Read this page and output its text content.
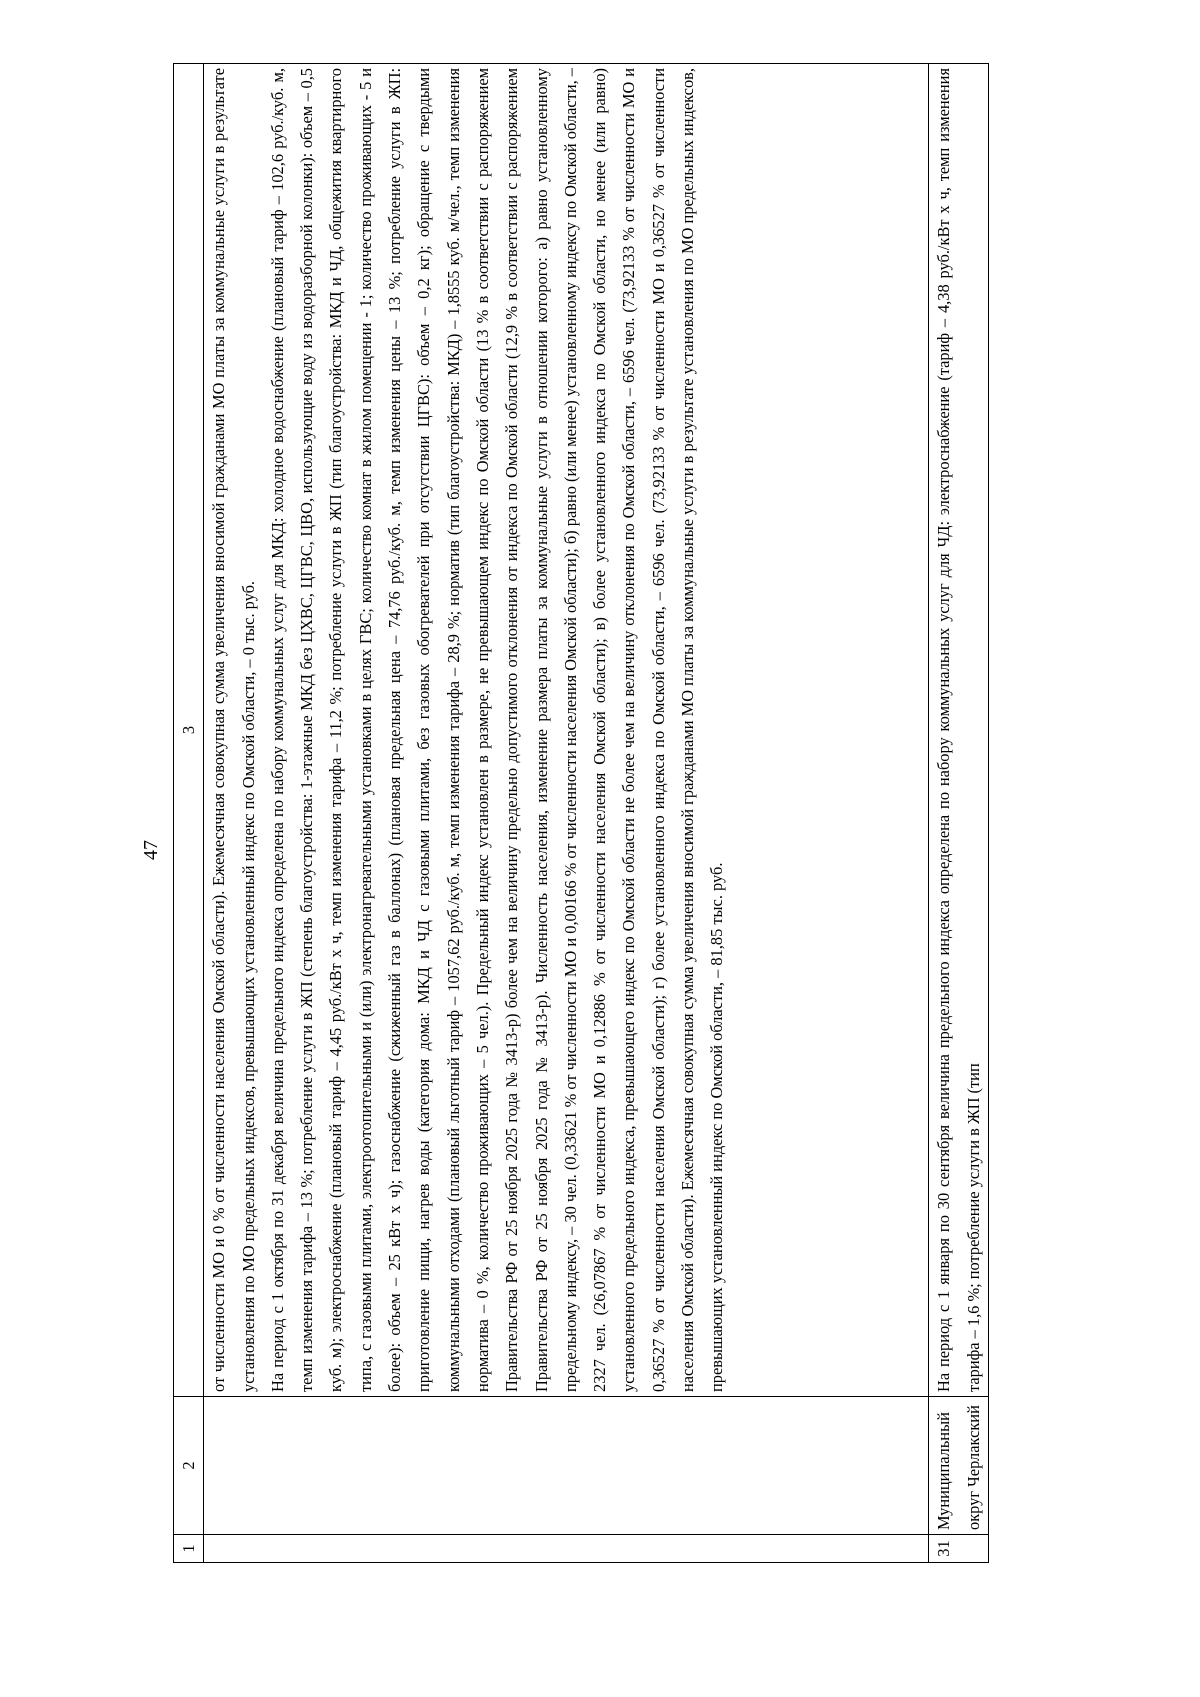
47
1	2	3

		от численности МО и 0 % от численности населения Омской области). Ежемесячная совокупная сумма увеличения вносимой гражданами МО платы за коммунальные услуги в результате установления по МО предельных индексов, превышающих установленный индекс по Омской области, – 0 тыс. руб. На период с 1 октября по 31 декабря величина предельного индекса определена по набору коммунальных услуг для МКД: холодное водоснабжение (плановый тариф – 102,6 руб./куб. м, темп изменения тарифа – 13 %; потребление услуги в ЖП (степень благоустройства: 1-этажные МКД без ЦХВС, ЦГВС, ЦВО, использующие воду из водоразборной колонки): объем – 0,5 куб. м); электроснабжение (плановый тариф – 4,45 руб./кВт х ч, темп изменения тарифа – 11,2 %; потребление услуги в ЖП (тип благоустройства: МКД и ЧД, общежития квартирного типа, с газовыми плитами, электроотопительными и (или) электронагревательными установками в целях ГВС; количество комнат в жилом помещении - 1; количество проживающих - 5 и более): объем – 25 кВт х ч); газоснабжение (сжиженный газ в баллонах) (плановая предельная цена – 74,76 руб./куб. м, темп изменения цены – 13 %; потребление услуги в ЖП: приготовление пищи, нагрев воды (категория дома: МКД и ЧД с газовыми плитами, без газовых обогревателей при отсутствии ЦГВС): объем – 0,2 кг); обращение с твердыми коммунальными отходами (плановый льготный тариф – 1057,62 руб./куб. м, темп изменения тарифа – 28,9 %; норматив (тип благоустройства: МКД) – 1,8555 куб. м/чел., темп изменения норматива – 0 %, количество проживающих – 5 чел.). Предельный индекс установлен в размере, не превышающем индекс по Омской области (13 % в соответствии с распоряжением Правительства РФ от 25 ноября 2025 года № 3413-р) более чем на величину предельно допустимого отклонения от индекса по Омской области (12,9 % в соответствии с распоряжением Правительства РФ от 25 ноября 2025 года № 3413-р). Численность населения, изменение размера платы за коммунальные услуги в отношении которого: а) равно установленному предельному индексу, – 30 чел. (0,33621 % от численности МО и 0,00166 % от численности населения Омской области); б) равно (или менее) установленному индексу по Омской области, – 2327 чел. (26,07867 % от численности МО и 0,12886 % от численности населения Омской области); в) более установленного индекса по Омской области, но менее (или равно) установленного предельного индекса, превышающего индекс по Омской области не более чем на величину отклонения по Омской области, – 6596 чел. (73,92133 % от численности МО и 0,36527 % от численности населения Омской области); г) более установленного индекса по Омской области, – 6596 чел. (73,92133 % от численности МО и 0,36527 % от численности населения Омской области). Ежемесячная совокупная сумма увеличения вносимой гражданами МО платы за коммунальные услуги в результате установления по МО предельных индексов, превышающих установленный индекс по Омской области, – 81,85 тыс. руб.

31	Муниципальный округ Черлакский	На период с 1 января по 30 сентября величина предельного индекса определена по набору коммунальных услуг для ЧД: электроснабжение (тариф – 4,38 руб./кВт х ч, темп изменения тарифа – 1,6 %; потребление услуги в ЖП (тип
